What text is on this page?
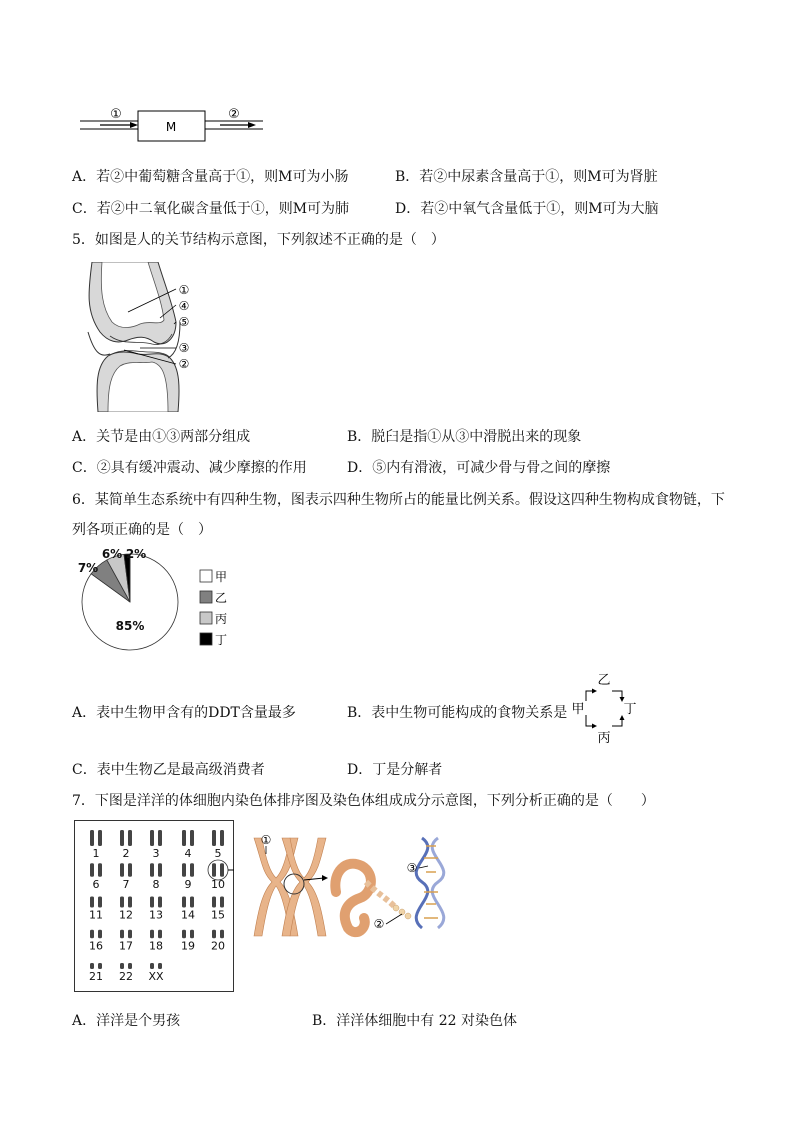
①	②
M
A．若②中葡萄糖含量高于①，则M可为小肠	B．若②中尿素含量高于①，则M可为肾脏
C．若②中二氧化碳含量低于①，则M可为肺	D．若②中氧气含量低于①，则M可为大脑
5．如图是人的关节结构示意图，下列叙述不正确的是（　）
①
④
⑤
③
②
A．关节是由①③两部分组成	B．脱臼是指①从③中滑脱出来的现象
C．②具有缓冲震动、减少摩擦的作用	D．⑤内有滑液，可减少骨与骨之间的摩擦
6．某简单生态系统中有四种生物，图表示四种生物所占的能量比例关系。假设这四种生物构成食物链，下
列各项正确的是（　）
85%
7%
6% 2%
甲
乙
丙
丁
A．表中生物甲含有的DDT含量最多	B．表中生物可能构成的食物关系是
乙
甲	丁
丙
C．表中生物乙是最高级消费者	D．丁是分解者
7．下图是洋洋的体细胞内染色体排序图及染色体组成成分示意图，下列分析正确的是（　　）
1 2 3 4 5
6 7 8 9 10
11 12 13 14 15
16 17 18 19 20
21 22 XX
①
②
③
A．洋洋是个男孩	B．洋洋体细胞中有 22 对染色体
